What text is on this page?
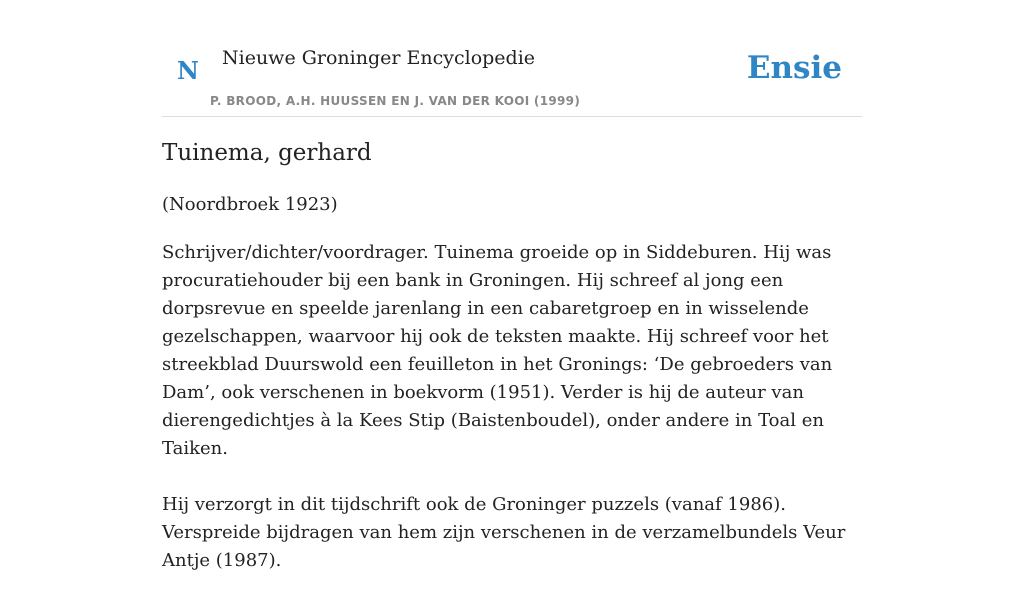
N Nieuwe Groninger Encyclopedie
P. BROOD, A.H. HUUSSEN EN J. VAN DER KOOI (1999)
Ensie
Tuinema, gerhard
(Noordbroek 1923)

Schrijver/dichter/voordrager. Tuinema groeide op in Siddeburen. Hij was procuratiehouder bij een bank in Groningen. Hij schreef al jong een dorpsrevue en speelde jarenlang in een cabaretgroep en in wisselende gezelschappen, waarvoor hij ook de teksten maakte. Hij schreef voor het streekblad Duurswold een feuilleton in het Gronings: ‘De gebroeders van Dam’, ook verschenen in boekvorm (1951). Verder is hij de auteur van dierengedichtjes à la Kees Stip (Baistenboudel), onder andere in Toal en Taiken.

Hij verzorgt in dit tijdschrift ook de Groninger puzzels (vanaf 1986). Verspreide bijdragen van hem zijn verschenen in de verzamelbundels Veur Antje (1987).
